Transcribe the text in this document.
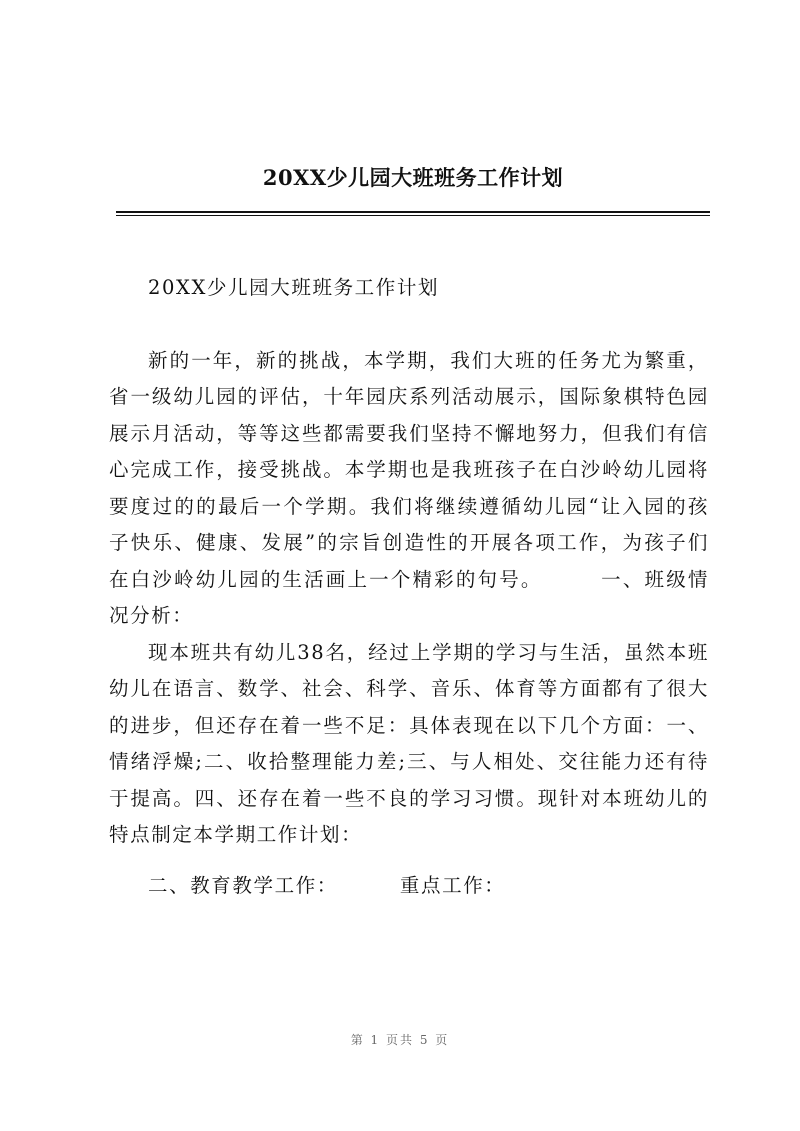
20XX少儿园大班班务工作计划

20XX少儿园大班班务工作计划

新的一年，新的挑战，本学期，我们大班的任务尤为繁重，省一级幼儿园的评估，十年园庆系列活动展示，国际象棋特色园展示月活动，等等这些都需要我们坚持不懈地努力，但我们有信心完成工作，接受挑战。本学期也是我班孩子在白沙岭幼儿园将要度过的的最后一个学期。我们将继续遵循幼儿园“让入园的孩子快乐、健康、发展”的宗旨创造性的开展各项工作，为孩子们在白沙岭幼儿园的生活画上一个精彩的句号。	一、班级情况分析：

现本班共有幼儿38名，经过上学期的学习与生活，虽然本班幼儿在语言、数学、社会、科学、音乐、体育等方面都有了很大的进步，但还存在着一些不足：具体表现在以下几个方面：一、情绪浮燥;二、收拾整理能力差;三、与人相处、交往能力还有待于提高。四、还存在着一些不良的学习习惯。现针对本班幼儿的特点制定本学期工作计划：

二、教育教学工作：	重点工作：

第 1 页共 5 页
